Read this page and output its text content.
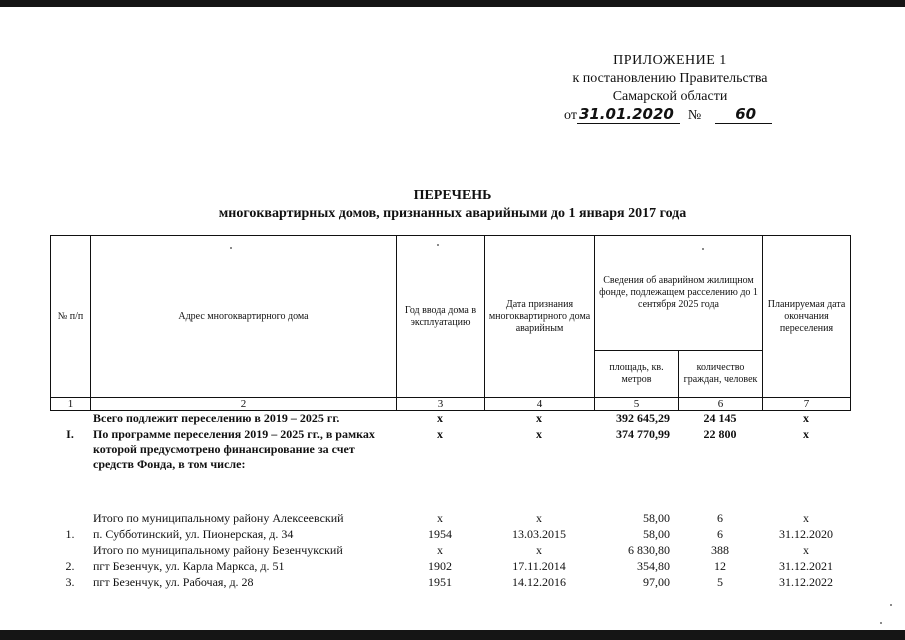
ПРИЛОЖЕНИЕ 1
к постановлению Правительства
Самарской области
от 31.01.2020 № 60
ПЕРЕЧЕНЬ
многоквартирных домов, признанных аварийными до 1 января 2017 года
№ п/п	Адрес многоквартирного дома	Год ввода дома в эксплуатацию	Дата признания многоквартирного дома аварийным	Сведения об аварийном жилищном фонде, подлежащем расселению до 1 сентября 2025 года		Планируемая дата окончания переселения
				площадь, кв. метров	количество граждан, человек	
1	2	3	4	5	6	7
	Всего подлежит переселению в 2019 – 2025 гг.	x	x	392 645,29	24 145	x
I.	По программе переселения 2019 – 2025 гг., в рамках которой предусмотрено финансирование за счет средств Фонда, в том числе:	x	x	374 770,99	22 800	x
	Итого по муниципальному району Алексеевский	x	x	58,00	6	x
1.	п. Субботинский, ул. Пионерская, д. 34	1954	13.03.2015	58,00	6	31.12.2020
	Итого по муниципальному району Безенчукский	x	x	6 830,80	388	x
2.	пгт Безенчук, ул. Карла Маркса, д. 51	1902	17.11.2014	354,80	12	31.12.2021
3.	пгт Безенчук, ул. Рабочая, д. 28	1951	14.12.2016	97,00	5	31.12.2022
